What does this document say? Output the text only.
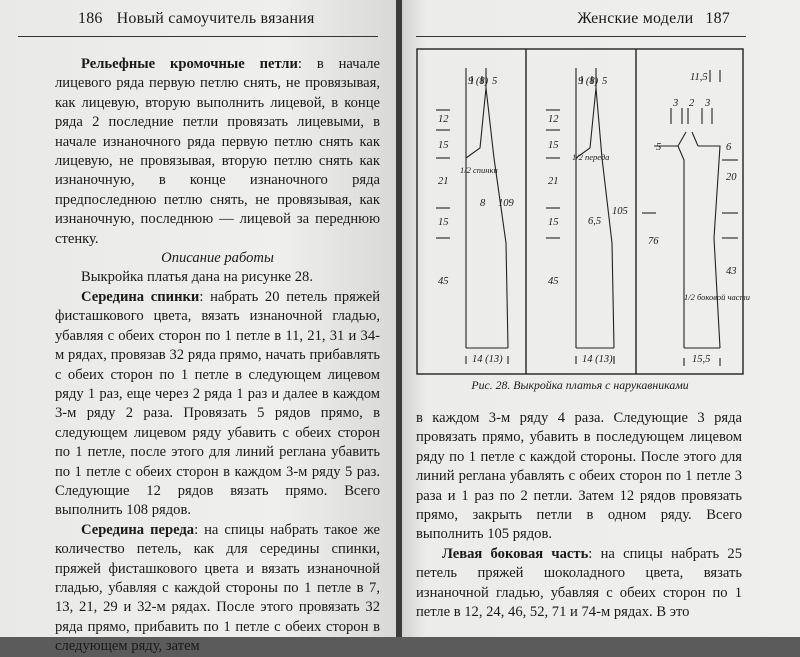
186 Новый самоучитель вязания

Рельефные кромочные петли: в начале лицевого ряда первую петлю снять, не провязывая, как лицевую, вторую выполнить лицевой, в конце ряда 2 последние петли провязать лицевыми, в начале изнаночного ряда первую петлю снять как лицевую, не провязывая, вторую петлю снять как изнаночную, в конце изнаночного ряда предпоследнюю петлю снять, не провязывая, как изнаночную, последнюю — лицевой за переднюю стенку.

Описание работы

Выкройка платья дана на рисунке 28.

Середина спинки: набрать 20 петель пряжей фисташкового цвета, вязать изнаночной гладью, убавляя с обеих сторон по 1 петле в 11, 21, 31 и 34-м рядах, провязав 32 ряда прямо, начать прибавлять с обеих сторон по 1 петле в следующем лицевом ряду 1 раз, еще через 2 ряда 1 раз и далее в каждом 3-м ряду 2 раза. Провязать 5 рядов прямо, в следующем лицевом ряду убавить с обеих сторон по 1 петле, после этого для линий реглана убавить по 1 петле с обеих сторон в каждом 3-м ряду 5 раз. Следующие 12 рядов вязать прямо. Всего выполнить 108 рядов.

Середина переда: на спицы набрать такое же количество петель, как для середины спинки, пряжей фисташкового цвета и вязать изнаночной гладью, убавляя с каждой стороны по 1 петле в 7, 13, 21, 29 и 32-м рядах. После этого провязать 32 ряда прямо, прибавить по 1 петле с обеих сторон в следующем ряду, затем

Женские модели 187
9 (8) 5
12
15
21
15
45
109
8
1/2 спинки
14 (13)
9 (8) 5
12
15
21
15
45
105
6,5
1/2 переда
14 (13)
11,5
3 2 3
5	6
20
43
76
1/2 боковой части
15,5
Рис. 28. Выкройка платья с нарукавниками

в каждом 3-м ряду 4 раза. Следующие 3 ряда провязать прямо, убавить в последующем лицевом ряду по 1 петле с каждой стороны. После этого для линий реглана убавлять с обеих сторон по 1 петле 3 раза и 1 раз по 2 петли. Затем 12 рядов провязать прямо, закрыть петли в одном ряду. Всего выполнить 105 рядов.

Левая боковая часть: на спицы набрать 25 петель пряжей шоколадного цвета, вязать изнаночной гладью, убавляя с обеих сторон по 1 петле в 12, 24, 46, 52, 71 и 74-м рядах. В это
